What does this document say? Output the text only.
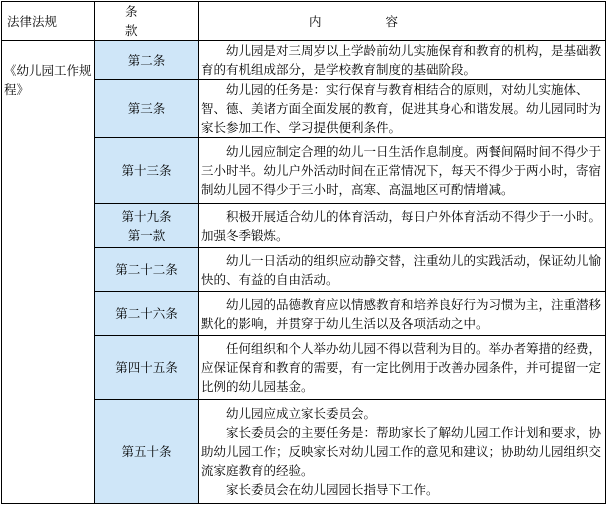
法律法规	条 款	内 容
《幼儿园工作规程》	第二条	幼儿园是对三周岁以上学龄前幼儿实施保育和教育的机构，是基础教育的有机组成部分，是学校教育制度的基础阶段。

	第三条	幼儿园的任务是：实行保育与教育相结合的原则，对幼儿实施体、智、德、美诸方面全面发展的教育，促进其身心和谐发展。幼儿园同时为家长参加工作、学习提供便利条件。

	第十三条	幼儿园应制定合理的幼儿一日生活作息制度。两餐间隔时间不得少于三小时半。幼儿户外活动时间在正常情况下，每天不得少于两小时，寄宿制幼儿园不得少于三小时，高寒、高温地区可酌情增减。

	第十九条
第一款	积极开展适合幼儿的体育活动，每日户外体育活动不得少于一小时。加强冬季锻炼。

	第二十二条	幼儿一日活动的组织应动静交替，注重幼儿的实践活动，保证幼儿愉快的、有益的自由活动。

	第二十六条	幼儿园的品德教育应以情感教育和培养良好行为习惯为主，注重潜移默化的影响，并贯穿于幼儿生活以及各项活动之中。

	第四十五条	任何组织和个人举办幼儿园不得以营利为目的。举办者筹措的经费，应保证保育和教育的需要，有一定比例用于改善办园条件，并可提留一定比例的幼儿园基金。

	第五十条	幼儿园应成立家长委员会。

家长委员会的主要任务是：帮助家长了解幼儿园工作计划和要求，协助幼儿园工作；反映家长对幼儿园工作的意见和建议；协助幼儿园组织交流家庭教育的经验。

家长委员会在幼儿园园长指导下工作。
